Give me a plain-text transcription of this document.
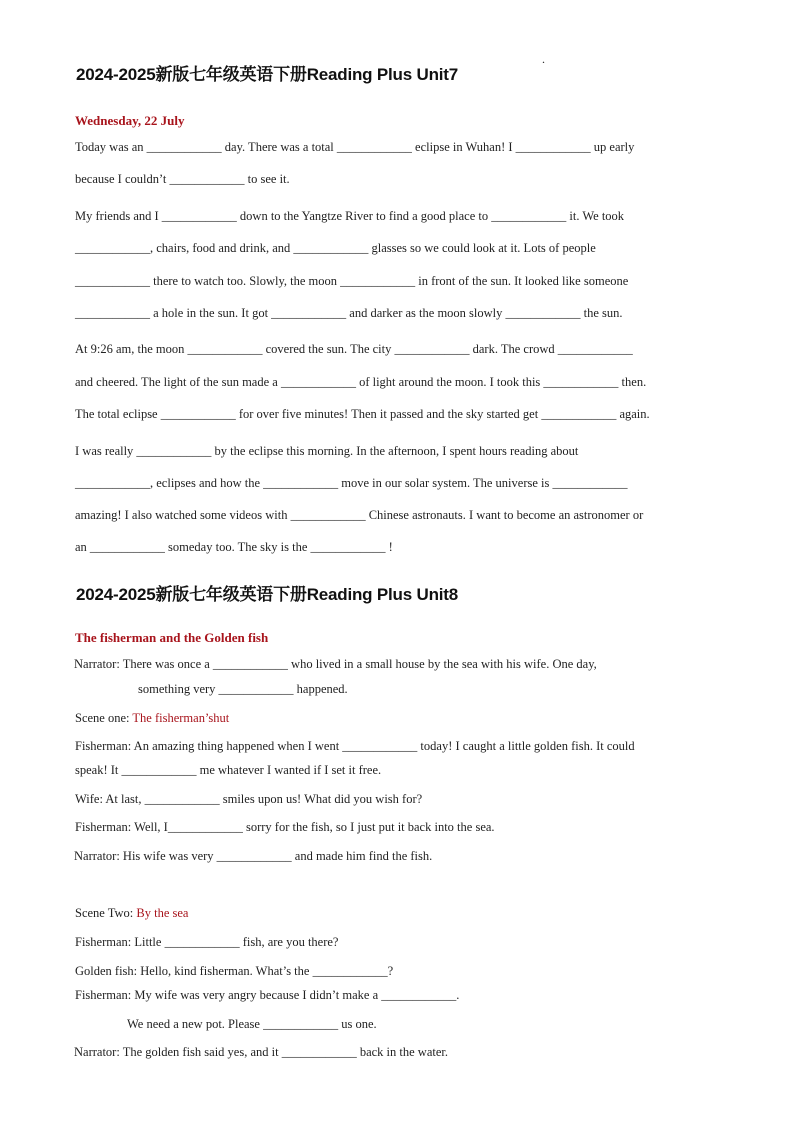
2024-2025新版七年级英语下册Reading Plus Unit7
.
Wednesday, 22 July
Today was an ____________ day. There was a total ____________ eclipse in Wuhan! I ____________ up early
because I couldn’t ____________ to see it.
My friends and I ____________ down to the Yangtze River to find a good place to ____________ it. We took
____________, chairs, food and drink, and ____________ glasses so we could look at it. Lots of people
____________ there to watch too. Slowly, the moon ____________ in front of the sun. It looked like someone
____________ a hole in the sun. It got ____________ and darker as the moon slowly ____________ the sun.
At 9:26 am, the moon ____________ covered the sun. The city ____________ dark. The crowd ____________
and cheered. The light of the sun made a ____________ of light around the moon. I took this ____________ then.
The total eclipse ____________ for over five minutes! Then it passed and the sky started get ____________ again.
I was really ____________ by the eclipse this morning. In the afternoon, I spent hours reading about
____________, eclipses and how the ____________ move in our solar system. The universe is ____________
amazing! I also watched some videos with ____________ Chinese astronauts. I want to become an astronomer or
an ____________ someday too. The sky is the ____________ !
2024-2025新版七年级英语下册Reading Plus Unit8
The fisherman and the Golden fish
Narrator: There was once a ____________ who lived in a small house by the sea with his wife. One day,
something very ____________ happened.
Scene one: The fisherman’shut
Fisherman: An amazing thing happened when I went ____________ today! I caught a little golden fish. It could
speak! It ____________ me whatever I wanted if I set it free.
Wife: At last, ____________ smiles upon us! What did you wish for?
Fisherman: Well, I____________ sorry for the fish, so I just put it back into the sea.
Narrator: His wife was very ____________ and made him find the fish.
Scene Two: By the sea
Fisherman: Little ____________ fish, are you there?
Golden fish: Hello, kind fisherman. What’s the ____________?
Fisherman: My wife was very angry because I didn’t make a ____________.
We need a new pot. Please ____________ us one.
Narrator: The golden fish said yes, and it ____________ back in the water.
